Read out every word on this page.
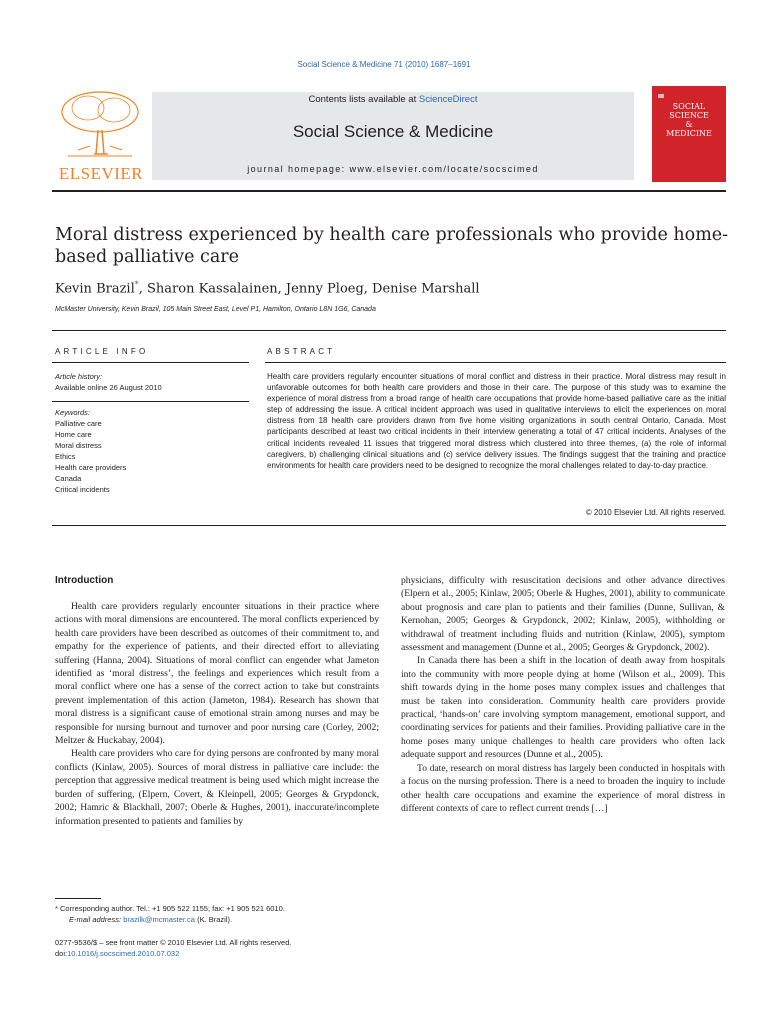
Social Science & Medicine 71 (2010) 1687–1691
ELSEVIER
Contents lists available at ScienceDirect
Social Science & Medicine
journal homepage: www.elsevier.com/locate/socscimed
SOCIAL
SCIENCE
&
MEDICINE
Moral distress experienced by health care professionals who provide home-based palliative care
Kevin Brazil*, Sharon Kassalainen, Jenny Ploeg, Denise Marshall
McMaster University, Kevin Brazil, 105 Main Street East, Level P1, Hamilton, Ontario L8N 1G6, Canada
ARTICLE INFO
Article history:
Available online 26 August 2010
Keywords:
Palliative care
Home care
Moral distress
Ethics
Health care providers
Canada
Critical incidents
ABSTRACT

Health care providers regularly encounter situations of moral conflict and distress in their practice. Moral distress may result in unfavorable outcomes for both health care providers and those in their care. The purpose of this study was to examine the experience of moral distress from a broad range of health care occupations that provide home-based palliative care as the initial step of addressing the issue. A critical incident approach was used in qualitative interviews to elicit the experiences on moral distress from 18 health care providers drawn from five home visiting organizations in south central Ontario, Canada. Most participants described at least two critical incidents in their interview generating a total of 47 critical incidents. Analyses of the critical incidents revealed 11 issues that triggered moral distress which clustered into three themes, (a) the role of informal caregivers, b) challenging clinical situations and (c) service delivery issues. The findings suggest that the training and practice environments for health care providers need to be designed to recognize the moral challenges related to day-to-day practice.

© 2010 Elsevier Ltd. All rights reserved.
Introduction

Health care providers regularly encounter situations in their practice where actions with moral dimensions are encountered. The moral conflicts experienced by health care providers have been described as outcomes of their commitment to, and empathy for the experience of patients, and their directed effort to alleviating suffering (Hanna, 2004). Situations of moral conflict can engender what Jameton identified as ‘moral distress’, the feelings and experiences which result from a moral conflict where one has a sense of the correct action to take but constraints prevent implementation of this action (Jameton, 1984). Research has shown that moral distress is a significant cause of emotional strain among nurses and may be responsible for nursing burnout and turnover and poor nursing care (Corley, 2002; Meltzer & Huckabay, 2004).

Health care providers who care for dying persons are confronted by many moral conflicts (Kinlaw, 2005). Sources of moral distress in palliative care include: the perception that aggressive medical treatment is being used which might increase the burden of suffering, (Elpern, Covert, & Kleinpell, 2005; Georges & Grypdonck, 2002; Hamric & Blackhall, 2007; Oberle & Hughes, 2001), inaccurate/incomplete information presented to patients and families by

physicians, difficulty with resuscitation decisions and other advance directives (Elpern et al., 2005; Kinlaw, 2005; Oberle & Hughes, 2001), ability to communicate about prognosis and care plan to patients and their families (Dunne, Sullivan, & Kernohan, 2005; Georges & Grypdonck, 2002; Kinlaw, 2005), withholding or withdrawal of treatment including fluids and nutrition (Kinlaw, 2005), symptom assessment and management (Dunne et al., 2005; Georges & Grypdonck, 2002).

In Canada there has been a shift in the location of death away from hospitals into the community with more people dying at home (Wilson et al., 2009). This shift towards dying in the home poses many complex issues and challenges that must be taken into consideration. Community health care providers provide practical, ‘hands-on’ care involving symptom management, emotional support, and coordinating services for patients and their families. Providing palliative care in the home poses many unique challenges to health care providers who often lack adequate support and resources (Dunne et al., 2005).

To date, research on moral distress has largely been conducted in hospitals with a focus on the nursing profession. There is a need to broaden the inquiry to include other health care occupations and examine the experience of moral distress in different contexts of care to reflect current trends […]

* Corresponding author. Tel.: +1 905 522 1155; fax: +1 905 521 6010.
E-mail address: brazilk@mcmaster.ca (K. Brazil).
0277-9536/$ – see front matter © 2010 Elsevier Ltd. All rights reserved.
doi:10.1016/j.socscimed.2010.07.032
